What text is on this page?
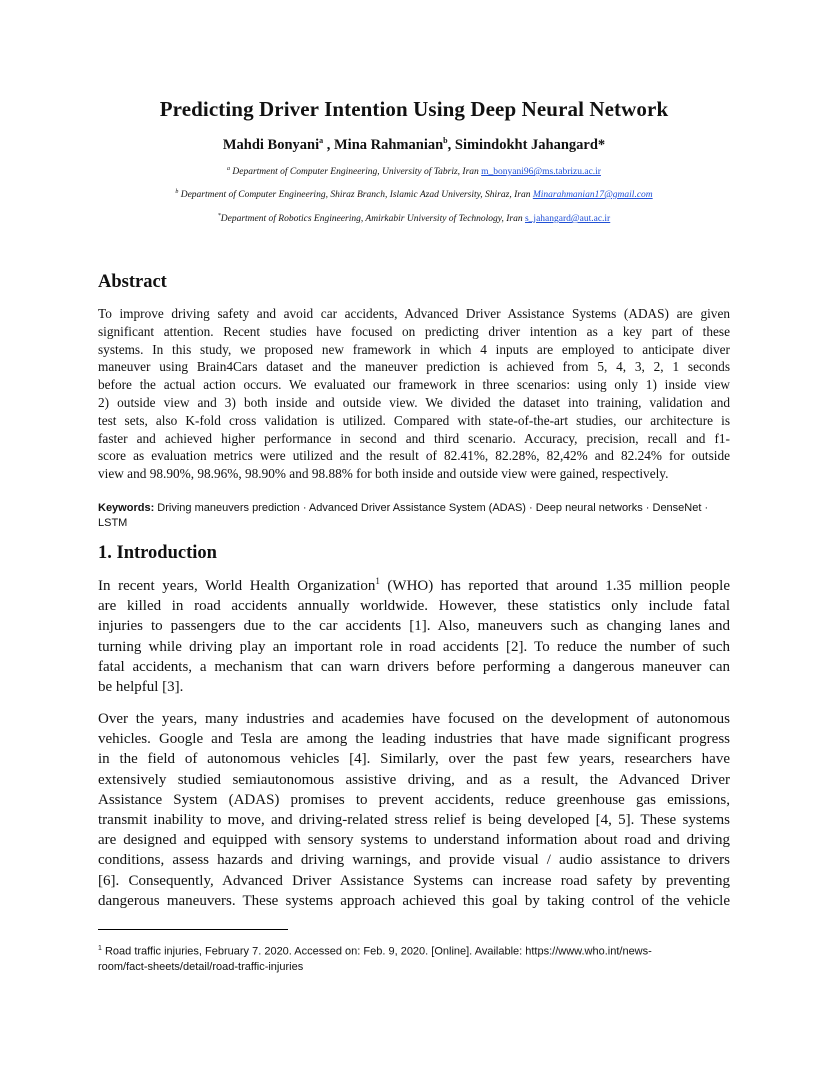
Predicting Driver Intention Using Deep Neural Network
Mahdi Bonyani$^a$ , Mina Rahmanian$^b$, Simindokht Jahangard*
$^a$ Department of Computer Engineering, University of Tabriz, Iran m_bonyani96@ms.tabrizu.ac.ir
$^b$ Department of Computer Engineering, Shiraz Branch, Islamic Azad University, Shiraz, Iran Minarahmanian17@gmail.com
*Department of Robotics Engineering, Amirkabir University of Technology, Iran s_jahangard@aut.ac.ir
Abstract
To improve driving safety and avoid car accidents, Advanced Driver Assistance Systems (ADAS) are given
significant attention. Recent studies have focused on predicting driver intention as a key part of these
systems. In this study, we proposed new framework in which 4 inputs are employed to anticipate diver
maneuver using Brain4Cars dataset and the maneuver prediction is achieved from 5, 4, 3, 2, 1 seconds
before the actual action occurs. We evaluated our framework in three scenarios: using only 1) inside view
2) outside view and 3) both inside and outside view. We divided the dataset into training, validation and
test sets, also K-fold cross validation is utilized. Compared with state-of-the-art studies, our architecture is
faster and achieved higher performance in second and third scenario. Accuracy, precision, recall and f1-
score as evaluation metrics were utilized and the result of 82.41%, 82.28%, 82,42% and 82.24% for outside
view and 98.90%, 98.96%, 98.90% and 98.88% for both inside and outside view were gained, respectively.
Keywords: Driving maneuvers prediction · Advanced Driver Assistance System (ADAS) · Deep neural networks · DenseNet · LSTM
1. Introduction
In recent years, World Health Organization$^1$ (WHO) has reported that around 1.35 million people
are killed in road accidents annually worldwide. However, these statistics only include fatal
injuries to passengers due to the car accidents [1]. Also, maneuvers such as changing lanes and
turning while driving play an important role in road accidents [2]. To reduce the number of such
fatal accidents, a mechanism that can warn drivers before performing a dangerous maneuver can
be helpful [3].
Over the years, many industries and academies have focused on the development of autonomous
vehicles. Google and Tesla are among the leading industries that have made significant progress
in the field of autonomous vehicles [4]. Similarly, over the past few years, researchers have
extensively studied semiautonomous assistive driving, and as a result, the Advanced Driver
Assistance System (ADAS) promises to prevent accidents, reduce greenhouse gas emissions,
transmit inability to move, and driving-related stress relief is being developed [4, 5]. These systems
are designed and equipped with sensory systems to understand information about road and driving
conditions, assess hazards and driving warnings, and provide visual / audio assistance to drivers
[6]. Consequently, Advanced Driver Assistance Systems can increase road safety by preventing
dangerous maneuvers. These systems approach achieved this goal by taking control of the vehicle
$^1$ Road traffic injuries, February 7. 2020. Accessed on: Feb. 9, 2020. [Online]. Available: https://www.who.int/news-
room/fact-sheets/detail/road-traffic-injuries
